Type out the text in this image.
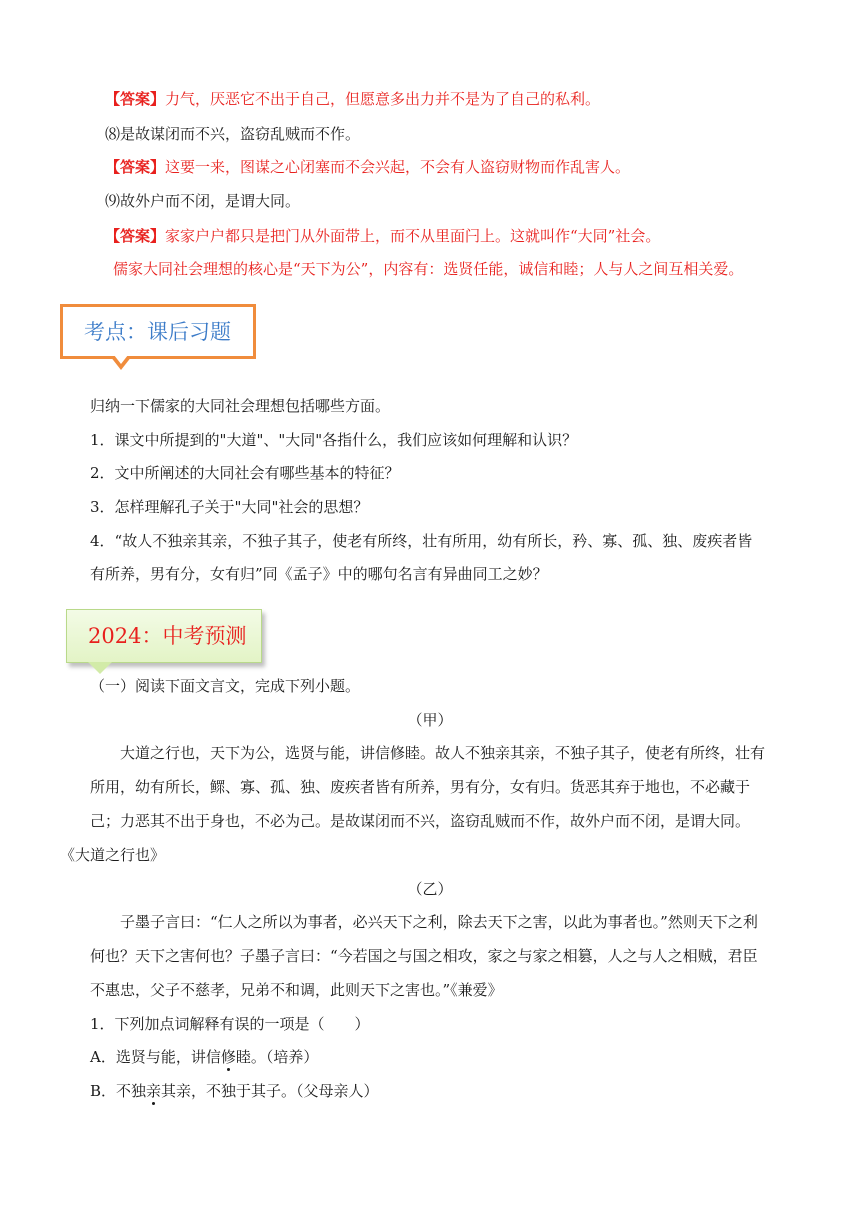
【答案】力气，厌恶它不出于自己，但愿意多出力并不是为了自己的私利。
⑻是故谋闭而不兴，盗窃乱贼而不作。
【答案】这要一来，图谋之心闭塞而不会兴起，不会有人盗窃财物而作乱害人。
⑼故外户而不闭，是谓大同。
【答案】家家户户都只是把门从外面带上，而不从里面闩上。这就叫作“大同”社会。
儒家大同社会理想的核心是“天下为公”，内容有：选贤任能，诚信和睦；人与人之间互相关爱。
考点：课后习题
归纳一下儒家的大同社会理想包括哪些方面。
1．课文中所提到的"大道"、"大同"各指什么，我们应该如何理解和认识？
2．文中所阐述的大同社会有哪些基本的特征？
3．怎样理解孔子关于"大同"社会的思想？
4．“故人不独亲其亲，不独子其子，使老有所终，壮有所用，幼有所长，矜、寡、孤、独、废疾者皆
有所养，男有分，女有归”同《孟子》中的哪句名言有异曲同工之妙？
2024：中考预测
（一）阅读下面文言文，完成下列小题。
（甲）
大道之行也，天下为公，选贤与能，讲信修睦。故人不独亲其亲，不独子其子，使老有所终，壮有所用，幼有所长，鳏、寡、孤、独、废疾者皆有所养，男有分，女有归。货恶其弃于地也，不必藏于己；力恶其不出于身也，不必为己。是故谋闭而不兴，盗窃乱贼而不作，故外户而不闭，是谓大同。
《大道之行也》
（乙）
子墨子言曰：“仁人之所以为事者，必兴天下之利，除去天下之害，以此为事者也。”然则天下之利何也？天下之害何也？子墨子言曰：“今若国之与国之相攻，家之与家之相篡，人之与人之相贼，君臣不惠忠，父子不慈孝，兄弟不和调，此则天下之害也。”《兼爱》
1．下列加点词解释有误的一项是（　　）
A．选贤与能，讲信修睦。（培养）
B．不独亲其亲，不独于其子。（父母亲人）
